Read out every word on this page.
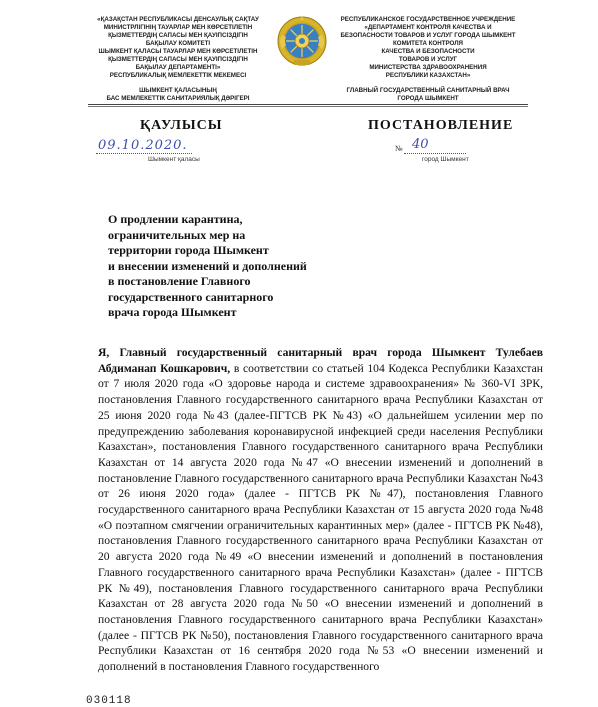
«ҚАЗАҚСТАН РЕСПУБЛИКАСЫ ДЕНСАУЛЫҚ САҚТАУ
МИНИСТРЛІГІНІҢ ТАУАРЛАР МЕН КӨРСЕТІЛЕТІН
ҚЫЗМЕТТЕРДІҢ САПАСЫ МЕН ҚАУІПСІЗДІГІН
БАҚЫЛАУ КОМИТЕТІ
ШЫМКЕНТ ҚАЛАСЫ ТАУАРЛАР МЕН КӨРСЕТІЛЕТІН
ҚЫЗМЕТТЕРДІҢ САПАСЫ МЕН ҚАУІПСІЗДІГІН
БАҚЫЛАУ ДЕПАРТАМЕНТІ»
РЕСПУБЛИКАЛЫҚ МЕМЛЕКЕТТІК МЕКЕМЕСІ
ШЫМКЕНТ ҚАЛАСЫНЫҢ
БАС МЕМЛЕКЕТТІК САНИТАРИЯЛЫҚ ДӘРІГЕРІ
РЕСПУБЛИКАНСКОЕ ГОСУДАРСТВЕННОЕ УЧРЕЖДЕНИЕ
«ДЕПАРТАМЕНТ КОНТРОЛЯ КАЧЕСТВА И
БЕЗОПАСНОСТИ ТОВАРОВ И УСЛУГ ГОРОДА ШЫМКЕНТ
КОМИТЕТА КОНТРОЛЯ
КАЧЕСТВА И БЕЗОПАСНОСТИ
ТОВАРОВ И УСЛУГ
МИНИСТЕРСТВА ЗДРАВООХРАНЕНИЯ
РЕСПУБЛИКИ КАЗАХСТАН»
ГЛАВНЫЙ ГОСУДАРСТВЕННЫЙ САНИТАРНЫЙ ВРАЧ
ГОРОДА ШЫМКЕНТ
ҚАУЛЫСЫ	ПОСТАНОВЛЕНИЕ
09.10.2020.
Шымкент қаласы
№ 40
город Шымкент
О продлении карантина,
ограничительных мер на
территории города Шымкент
и внесении изменений и дополнений
в постановление Главного
государственного санитарного
врача города Шымкент
Я, Главный государственный санитарный врач города Шымкент Тулебаев Абдиманап Кошкарович, в соответствии со статьей 104 Кодекса Республики Казахстан от 7 июля 2020 года «О здоровье народа и системе здравоохранения» № 360-VI ЗРК, постановления Главного государственного санитарного врача Республики Казахстан от 25 июня 2020 года №43 (далее-ПГТСВ РК №43) «О дальнейшем усилении мер по предупреждению заболевания коронавирусной инфекцией среди населения Республики Казахстан», постановления Главного государственного санитарного врача Республики Казахстан от 14 августа 2020 года №47 «О внесении изменений и дополнений в постановление Главного государственного санитарного врача Республики Казахстан №43 от 26 июня 2020 года» (далее - ПГТСВ РК №47), постановления Главного государственного санитарного врача Республики Казахстан от 15 августа 2020 года №48 «О поэтапном смягчении ограничительных карантинных мер» (далее - ПГТСВ РК №48), постановления Главного государственного санитарного врача Республики Казахстан от 20 августа 2020 года №49 «О внесении изменений и дополнений в постановления Главного государственного санитарного врача Республики Казахстан» (далее - ПГТСВ РК №49), постановления Главного государственного санитарного врача Республики Казахстан от 28 августа 2020 года №50 «О внесении изменений и дополнений в постановления Главного государственного санитарного врача Республики Казахстан» (далее - ПГТСВ РК №50), постановления Главного государственного санитарного врача Республики Казахстан от 16 сентября 2020 года №53 «О внесении изменений и дополнений в постановления Главного государственного
030118
